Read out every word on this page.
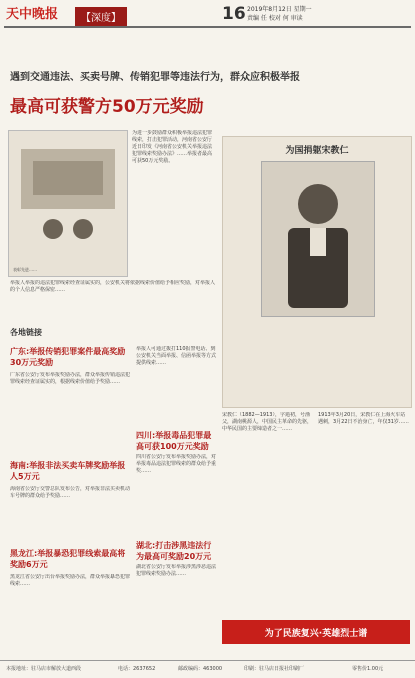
天中晚报	【深度】	16 2019年8月12日 星期一
责编 任 校对 何 审读
遇到交通违法、买卖号牌、传销犯罪等违法行为，群众应积极举报
最高可获警方50万元奖励
表彰先进……
为进一步鼓励群众积极举报违法犯罪线索，打击犯罪活动，河南省公安厅近日印发《河南省公安机关举报违法犯罪线索奖励办法》……举报者最高可获50万元奖励。
举报人举报的违法犯罪线索经查证属实的，公安机关将依据线索价值给予相应奖励，对举报人的个人信息严格保密……
各地链接
广东:举报传销犯罪案件最高奖励30万元奖励
广东省公安厅发布举报奖励办法，群众举报传销违法犯罪线索经查证属实的，根据线索价值给予奖励……
海南:举报非法买卖车牌奖励举报人5万元
海南省公安厅交警总队发布公告，对举报非法买卖机动车号牌的群众给予奖励……
黑龙江:举报暴恐犯罪线索最高将奖励6万元
黑龙江省公安厅出台举报奖励办法，群众举报暴恐犯罪线索……
举报人可通过拨打110报警电话、到公安机关当面举报、信函举报等方式提供线索……
四川:举报毒品犯罪最高可获100万元奖励
四川省公安厅发布举报奖励办法，对举报毒品违法犯罪线索的群众给予重奖……
湖北:打击涉黑违法行为最高可奖励20万元
湖北省公安厅发布举报涉黑涉恶违法犯罪线索奖励办法……
为国捐躯宋教仁
宋教仁（1882—1913），字遁初，号渔父，湖南桃源人，中国民主革命的先驱，中华民国的主要缔造者之一……
1913年3月20日，宋教仁在上海火车站遇刺，3月22日不治身亡，年仅31岁……
为了民族复兴·英雄烈士谱
本报地址：驻马店市解放大道西段	电话：2637652	邮政编码：463000	印刷：驻马店日报社印刷厂	零售价1.00元
